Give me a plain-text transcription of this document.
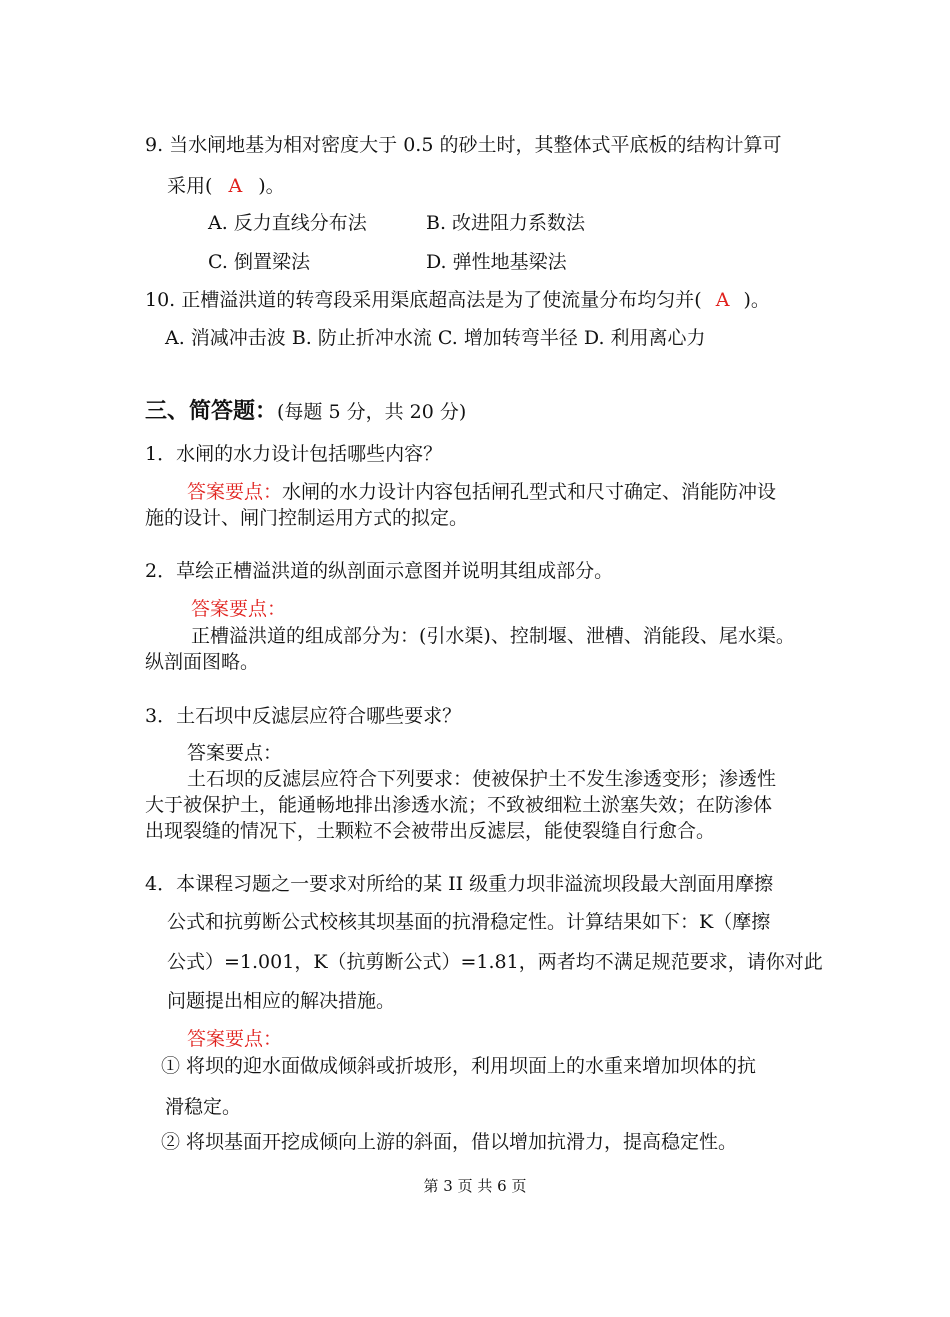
9. 当水闸地基为相对密度大于 0.5 的砂土时，其整体式平底板的结构计算可
采用( A )。
A. 反力直线分布法	B. 改进阻力系数法
C. 倒置梁法	D. 弹性地基梁法
10. 正槽溢洪道的转弯段采用渠底超高法是为了使流量分布均匀并( A )。
A. 消减冲击波 B. 防止折冲水流 C. 增加转弯半径 D. 利用离心力
三、简答题：(每题 5 分，共 20 分)
1．水闸的水力设计包括哪些内容？
答案要点：水闸的水力设计内容包括闸孔型式和尺寸确定、消能防冲设
施的设计、闸门控制运用方式的拟定。
2．草绘正槽溢洪道的纵剖面示意图并说明其组成部分。
答案要点：
正槽溢洪道的组成部分为：(引水渠)、控制堰、泄槽、消能段、尾水渠。
纵剖面图略。
3．土石坝中反滤层应符合哪些要求？
答案要点：
土石坝的反滤层应符合下列要求：使被保护土不发生渗透变形；渗透性
大于被保护土，能通畅地排出渗透水流；不致被细粒土淤塞失效；在防渗体
出现裂缝的情况下，土颗粒不会被带出反滤层，能使裂缝自行愈合。
4．本课程习题之一要求对所给的某 II 级重力坝非溢流坝段最大剖面用摩擦
公式和抗剪断公式校核其坝基面的抗滑稳定性。计算结果如下：K（摩擦
公式）=1.001，K（抗剪断公式）=1.81，两者均不满足规范要求，请你对此
问题提出相应的解决措施。
答案要点：
① 将坝的迎水面做成倾斜或折坡形，利用坝面上的水重来增加坝体的抗
滑稳定。
② 将坝基面开挖成倾向上游的斜面，借以增加抗滑力，提高稳定性。
第 3 页 共 6 页
